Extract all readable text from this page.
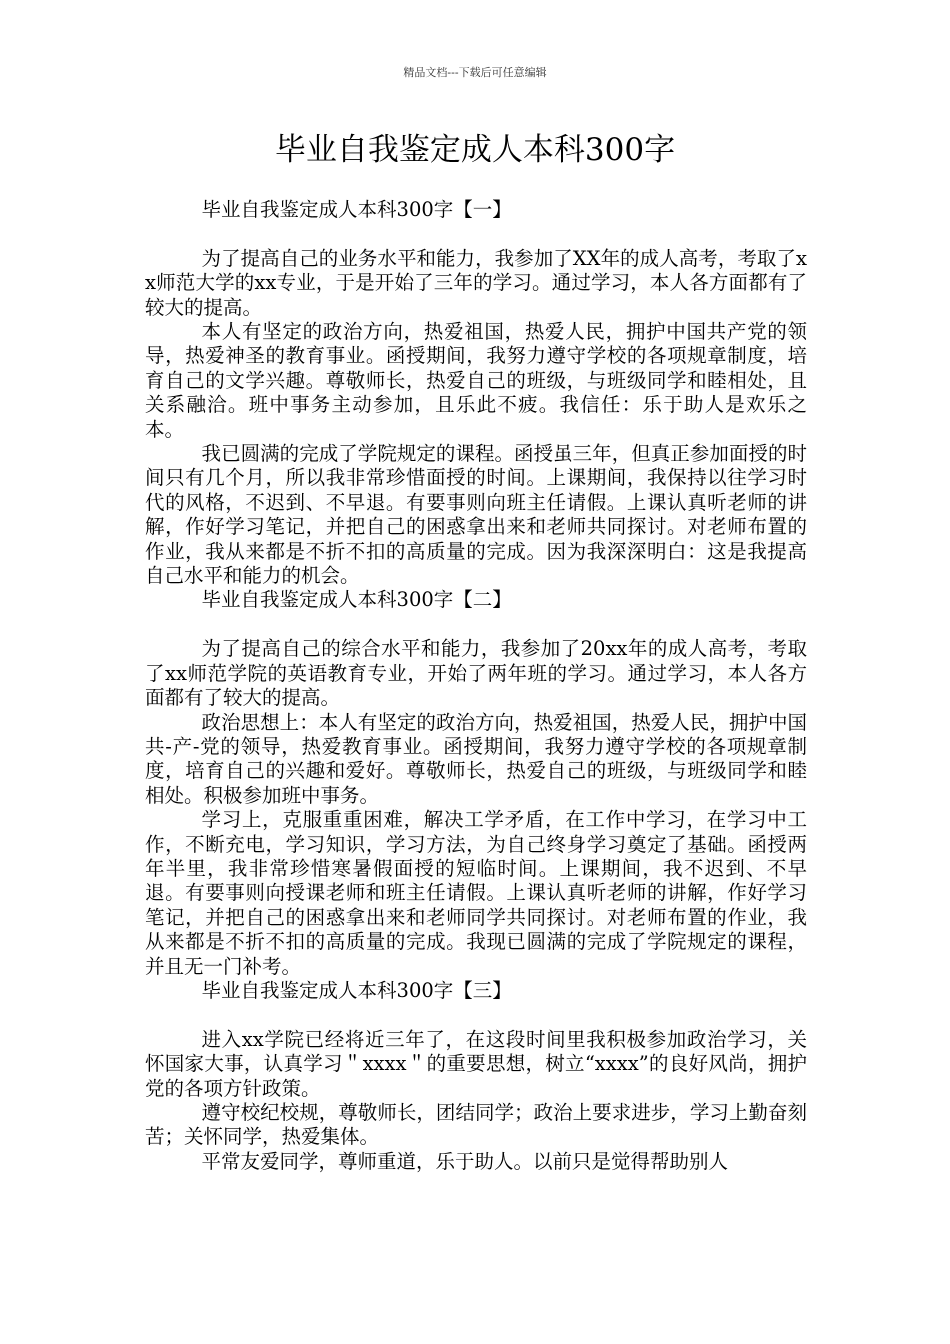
精品文档---下载后可任意编辑
毕业自我鉴定成人本科300字

毕业自我鉴定成人本科300字【一】

为了提高自己的业务水平和能力，我参加了XX年的成人高考，考取了xx师范大学的xx专业，于是开始了三年的学习。通过学习，本人各方面都有了较大的提高。

本人有坚定的政治方向，热爱祖国，热爱人民，拥护中国共产党的领导，热爱神圣的教育事业。函授期间，我努力遵守学校的各项规章制度，培育自己的文学兴趣。尊敬师长，热爱自己的班级，与班级同学和睦相处，且关系融洽。班中事务主动参加，且乐此不疲。我信任：乐于助人是欢乐之本。

我已圆满的完成了学院规定的课程。函授虽三年，但真正参加面授的时间只有几个月，所以我非常珍惜面授的时间。上课期间，我保持以往学习时代的风格，不迟到、不早退。有要事则向班主任请假。上课认真听老师的讲解，作好学习笔记，并把自己的困惑拿出来和老师共同探讨。对老师布置的作业，我从来都是不折不扣的高质量的完成。因为我深深明白：这是我提高自己水平和能力的机会。

毕业自我鉴定成人本科300字【二】

为了提高自己的综合水平和能力，我参加了20xx年的成人高考，考取了xx师范学院的英语教育专业，开始了两年班的学习。通过学习，本人各方面都有了较大的提高。

政治思想上：本人有坚定的政治方向，热爱祖国，热爱人民，拥护中国共-产-党的领导，热爱教育事业。函授期间，我努力遵守学校的各项规章制度，培育自己的兴趣和爱好。尊敬师长，热爱自己的班级，与班级同学和睦相处。积极参加班中事务。

学习上，克服重重困难，解决工学矛盾，在工作中学习，在学习中工作，不断充电，学习知识，学习方法，为自己终身学习奠定了基础。函授两年半里，我非常珍惜寒暑假面授的短临时间。上课期间，我不迟到、不早退。有要事则向授课老师和班主任请假。上课认真听老师的讲解，作好学习笔记，并把自己的困惑拿出来和老师同学共同探讨。对老师布置的作业，我从来都是不折不扣的高质量的完成。我现已圆满的完成了学院规定的课程，并且无一门补考。

毕业自我鉴定成人本科300字【三】

进入xx学院已经将近三年了，在这段时间里我积极参加政治学习，关怀国家大事，认真学习＂xxxx＂的重要思想，树立“xxxx”的良好风尚，拥护党的各项方针政策。

遵守校纪校规，尊敬师长，团结同学；政治上要求进步，学习上勤奋刻苦；关怀同学，热爱集体。

平常友爱同学，尊师重道，乐于助人。以前只是觉得帮助别人
